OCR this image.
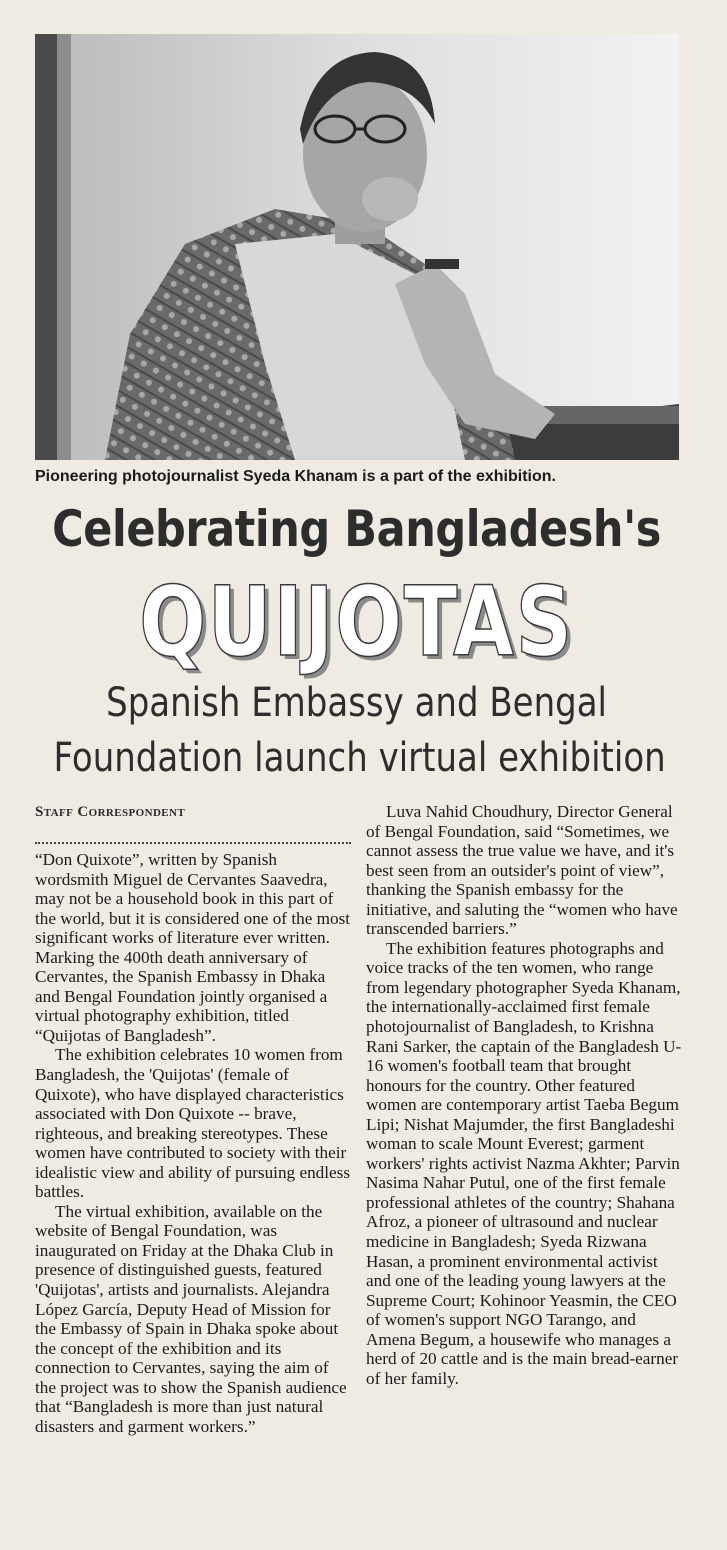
Pioneering photojournalist Syeda Khanam is a part of the exhibition.
Celebrating Bangladesh's
QUIJOTAS
Spanish Embassy and Bengal
Foundation launch virtual exhibition
Staff Correspondent

“Don Quixote”, written by Spanish wordsmith Miguel de Cervantes Saavedra, may not be a household book in this part of the world, but it is considered one of the most significant works of literature ever written. Marking the 400th death anniversary of Cervantes, the Spanish Embassy in Dhaka and Bengal Foundation jointly organised a virtual photography exhibition, titled “Quijotas of Bangladesh”.

The exhibition celebrates 10 women from Bangladesh, the 'Quijotas' (female of Quixote), who have displayed characteristics associated with Don Quixote -- brave, righteous, and breaking stereotypes. These women have contributed to society with their idealistic view and ability of pursuing endless battles.

The virtual exhibition, available on the website of Bengal Foundation, was inaugurated on Friday at the Dhaka Club in presence of distinguished guests, featured 'Quijotas', artists and journalists. Alejandra López García, Deputy Head of Mission for the Embassy of Spain in Dhaka spoke about the concept of the exhibition and its connection to Cervantes, saying the aim of the project was to show the Spanish audience that “Bangladesh is more than just natural disasters and garment workers.”

Luva Nahid Choudhury, Director General of Bengal Foundation, said “Sometimes, we cannot assess the true value we have, and it's best seen from an outsider's point of view”, thanking the Spanish embassy for the initiative, and saluting the “women who have transcended barriers.”

The exhibition features photographs and voice tracks of the ten women, who range from legendary photographer Syeda Khanam, the internationally-acclaimed first female photojournalist of Bangladesh, to Krishna Rani Sarker, the captain of the Bangladesh U-16 women's football team that brought honours for the country. Other featured women are contemporary artist Taeba Begum Lipi; Nishat Majumder, the first Bangladeshi woman to scale Mount Everest; garment workers' rights activist Nazma Akhter; Parvin Nasima Nahar Putul, one of the first female professional athletes of the country; Shahana Afroz, a pioneer of ultrasound and nuclear medicine in Bangladesh; Syeda Rizwana Hasan, a prominent environmental activist and one of the leading young lawyers at the Supreme Court; Kohinoor Yeasmin, the CEO of women's support NGO Tarango, and Amena Begum, a housewife who manages a herd of 20 cattle and is the main bread-earner of her family.
